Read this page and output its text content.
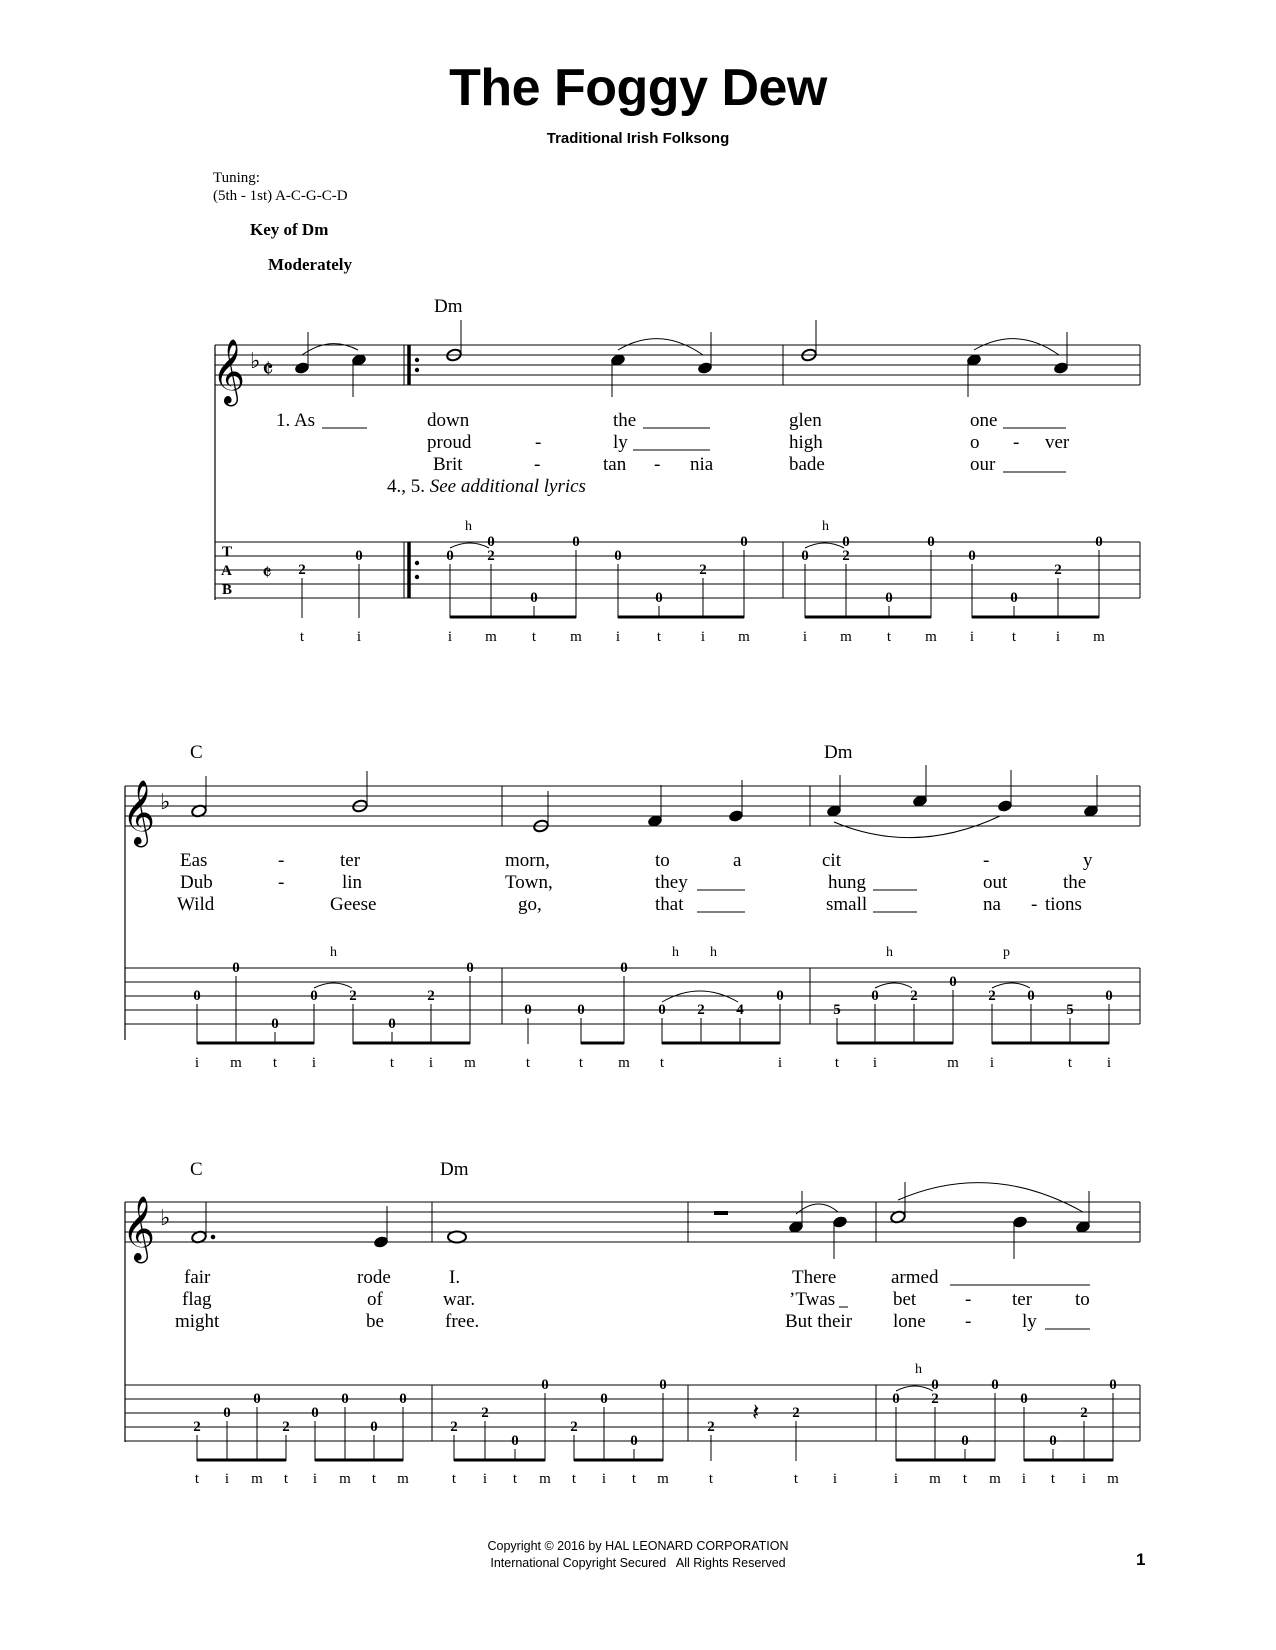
The Foggy Dew
Traditional Irish Folksong
Tuning:
(5th - 1st) A-C-G-C-D
Key of Dm
Moderately
Dm
𝄞 ♭ 𝄵
1. As	down	the	glen	one
proud	-	ly	high	o - ver
Brit	-	tan - nia	bade	our
4., 5. See additional lyrics
T
A
B
𝄵
h	h
2
0	0
0
2
0
0
0
0
2
0
0
0
2
0
0
0
0
2
0
t	i	i m t m i t	i m	i m t m i	t	i m
C	Dm
𝄞 ♭
Eas	-	ter	morn,	to	a	cit	-	y
Dub	-	lin	Town,	they	hung	out	the
Wild	Geese	go,	that	small	na - tions
h	h h	h	p
0
0
0
0 2
0
2
0
0	0
0
0 2 4
0
5
0 2
0
2 0
5
0
i m t i	t i m	t	t m t	i	t i	m i	t i
C	Dm
𝄞 ♭
fair	rode	I.	There	armed
flag	of	war.	’Twas	bet	- ter to
might	be	free.	But their lone -	ly
h
2
0
0
2
0
0
0
0
2
2
0
0
2
0
0
0
2
2
0
0
2
0
0
0
0
2
0
𝄽
t i m t i m t m	t i t m t i t m	t	t i	i m t m i t i m
Copyright © 2016 by HAL LEONARD CORPORATION
International Copyright Secured   All Rights Reserved	1
